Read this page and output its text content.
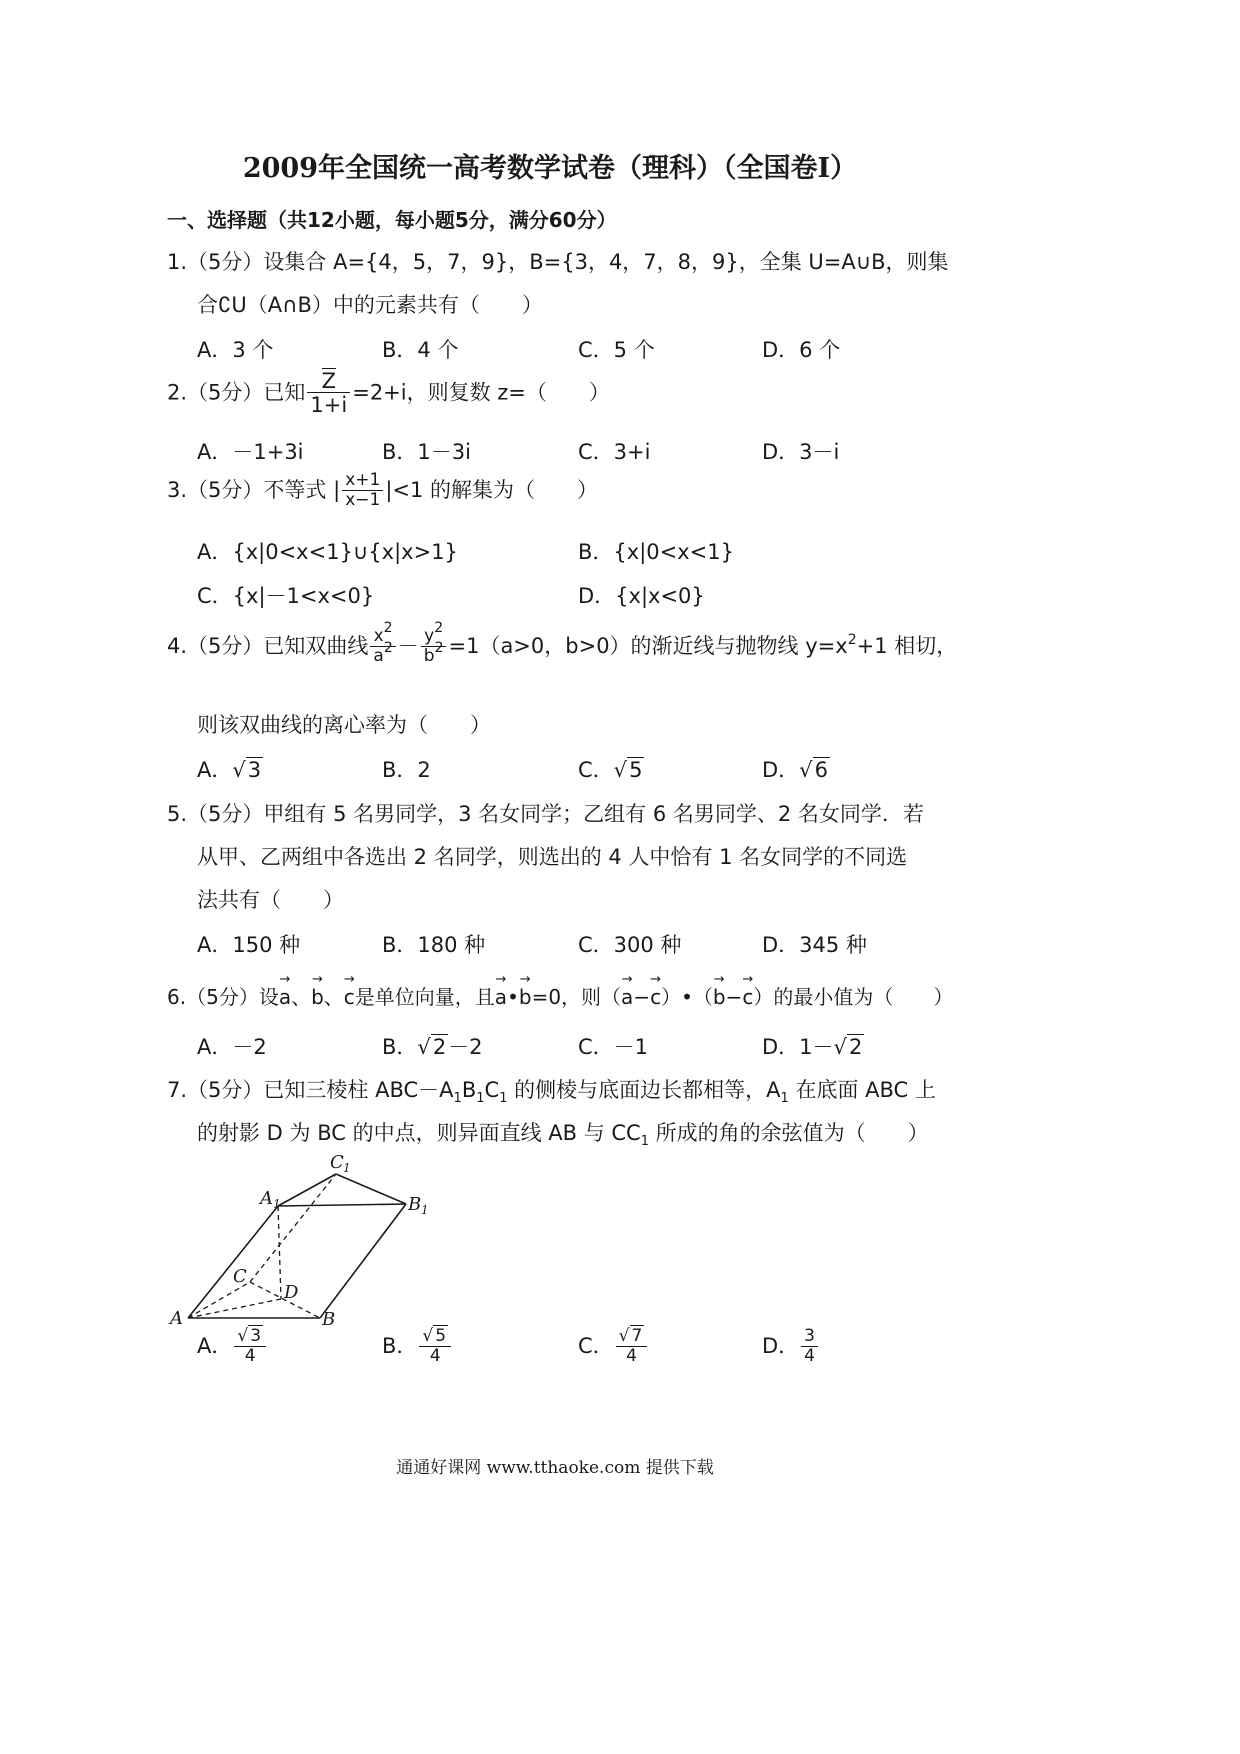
2009年全国统一高考数学试卷（理科）（全国卷Ⅰ）
一、选择题（共12小题，每小题5分，满分60分）
1.（5分）设集合 A={4，5，7，9}，B={3，4，7，8，9}，全集 U=A∪B，则集
合∁U（A∩B）中的元素共有（　　）
A．3 个	B．4 个	C．5 个	D．6 个
2.（5分）已知 $\frac{Z}{1+i} =2+i$，则复数 z=（　　）
A．－1+3i	B．1－3i	C．3+i	D．3－i
3.（5分）不等式 | $\frac{x+1}{x-1} |<1$ 的解集为（　　）
A．{x|0<x<1}∪{x|x>1}	B．{x|0<x<1}
C．{x|－1<x<0}	D．{x|x<0}
4.（5分）已知双曲线 $\frac{x^2}{a^2} - \frac{y^2}{b^2} =1(a>0$，b>0）的渐近线与抛物线 $y=x^2+1$ 相切，
则该双曲线的离心率为（　　）
A．√3	B．2	C．√5	D．√6
5.（5分）甲组有 5 名男同学，3 名女同学；乙组有 6 名男同学、2 名女同学．若
从甲、乙两组中各选出 2 名同学，则选出的 4 人中恰有 1 名女同学的不同选
法共有（　　）
A．150 种	B．180 种	C．300 种	D．345 种
6.（5分）设→ a、→ b、→ c是单位向量，且→ a•→ b=0，则（→ a−→ c）•（→ b−→ c）的最小值为（　　）
A．－2	B．√2－2	C．－1	D．1－√2
7.（5分）已知三棱柱 $ABC-A_1B_1C_1$ 的侧棱与底面边长都相等，$A_1$ 在底面 ABC 上
的射影 D 为 BC 的中点，则异面直线 AB 与 $CC_1$ 所成的角的余弦值为（　　）
A	B
C
D
A 1	B 1
C 1
A． $\frac{√ 3}{4}$	B． $\frac{√ 5}{4}$	C． $\frac{√ 7}{4}$	D． $\frac{3}{4}$
通通好课网 www.tthaoke.com 提供下载
